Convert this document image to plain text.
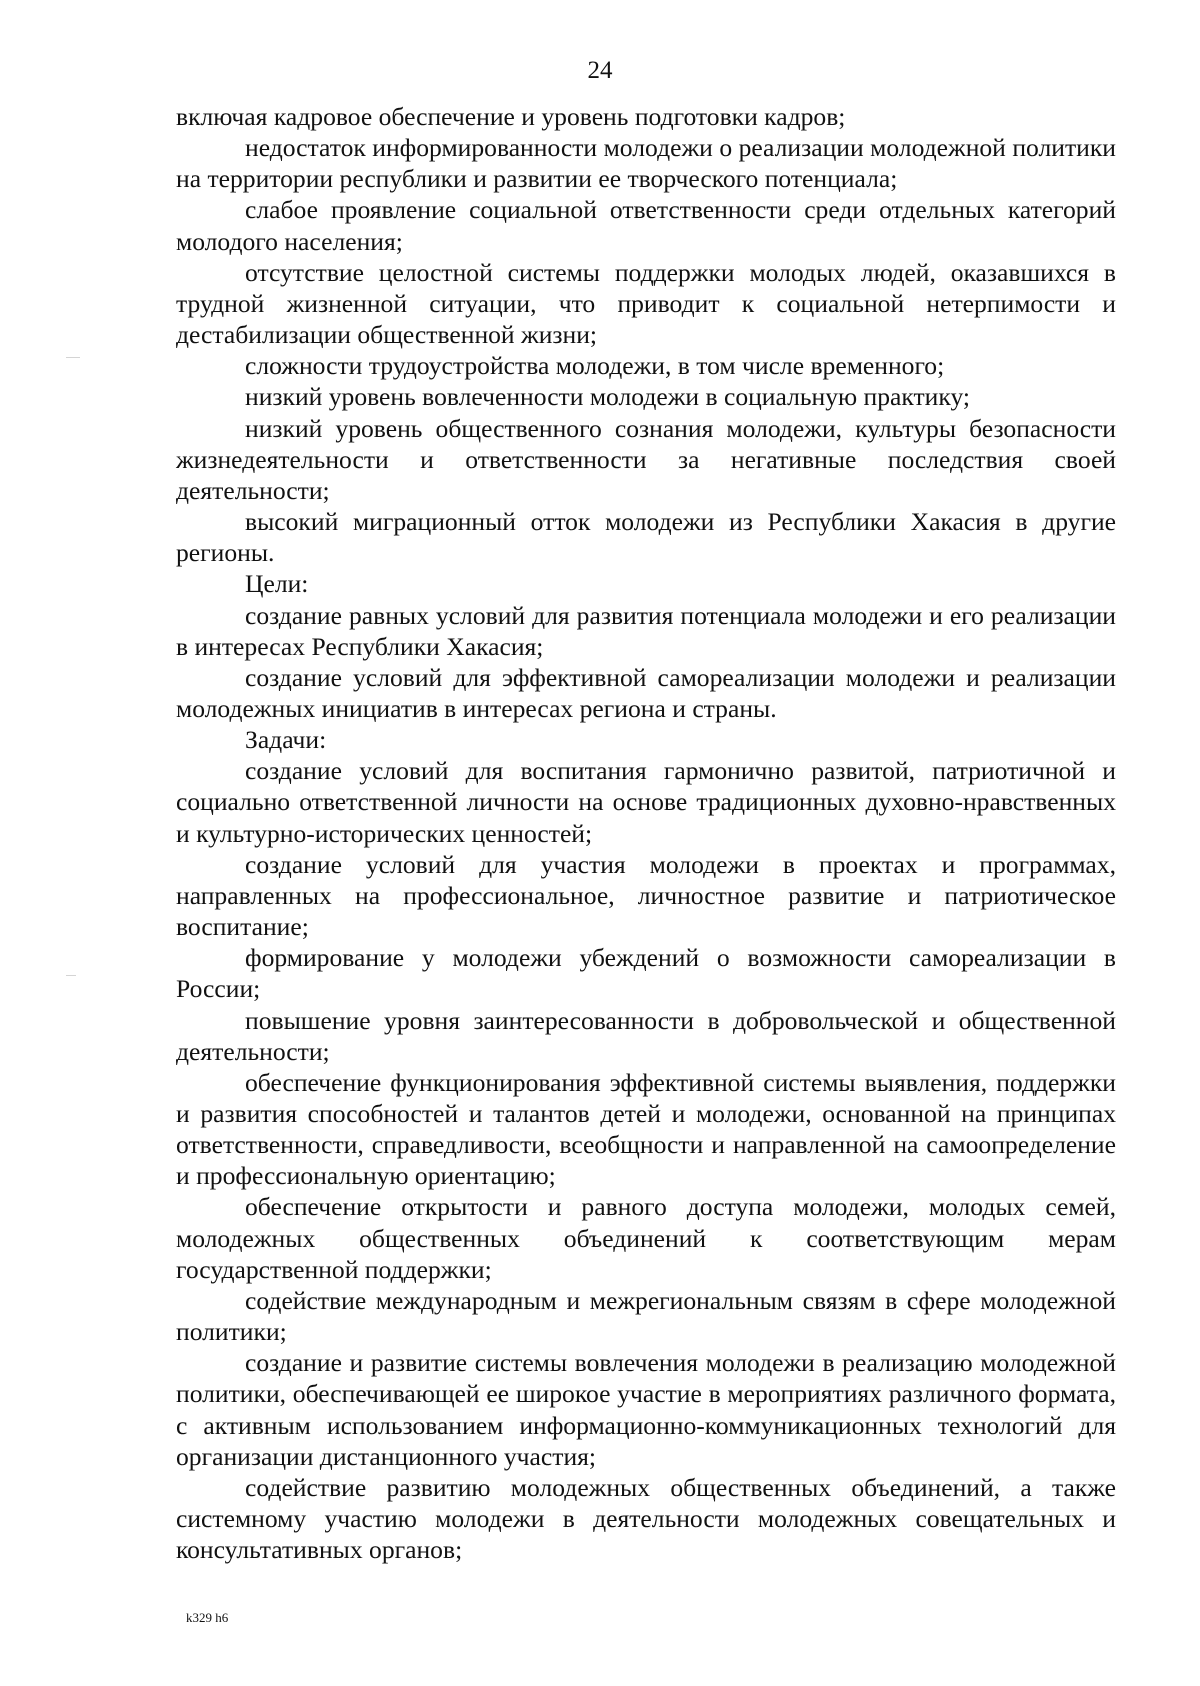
24

включая кадровое обеспечение и уровень подготовки кадров;

недостаток информированности молодежи о реализации молодежной политики на территории республики и развитии ее творческого потенциала;

слабое проявление социальной ответственности среди отдельных категорий молодого населения;

отсутствие целостной системы поддержки молодых людей, оказавшихся в трудной жизненной ситуации, что приводит к социальной нетерпимости и дестабилизации общественной жизни;

сложности трудоустройства молодежи, в том числе временного;

низкий уровень вовлеченности молодежи в социальную практику;

низкий уровень общественного сознания молодежи, культуры безопасности жизнедеятельности и ответственности за негативные последствия своей деятельности;

высокий миграционный отток молодежи из Республики Хакасия в другие регионы.

Цели:

создание равных условий для развития потенциала молодежи и его реализации в интересах Республики Хакасия;

создание условий для эффективной самореализации молодежи и реализации молодежных инициатив в интересах региона и страны.

Задачи:

создание условий для воспитания гармонично развитой, патриотичной и социально ответственной личности на основе традиционных духовно-нравственных и культурно-исторических ценностей;

создание условий для участия молодежи в проектах и программах, направленных на профессиональное, личностное развитие и патриотическое воспитание;

формирование у молодежи убеждений о возможности самореализации в России;

повышение уровня заинтересованности в добровольческой и общественной деятельности;

обеспечение функционирования эффективной системы выявления, поддержки и развития способностей и талантов детей и молодежи, основанной на принципах ответственности, справедливости, всеобщности и направленной на самоопределение и профессиональную ориентацию;

обеспечение открытости и равного доступа молодежи, молодых семей, молодежных общественных объединений к соответствующим мерам государственной поддержки;

содействие международным и межрегиональным связям в сфере молодежной политики;

создание и развитие системы вовлечения молодежи в реализацию молодежной политики, обеспечивающей ее широкое участие в мероприятиях различного формата, с активным использованием информационно-коммуникационных технологий для организации дистанционного участия;

содействие развитию молодежных общественных объединений, а также системному участию молодежи в деятельности молодежных совещательных и консультативных органов;

k329 h6
